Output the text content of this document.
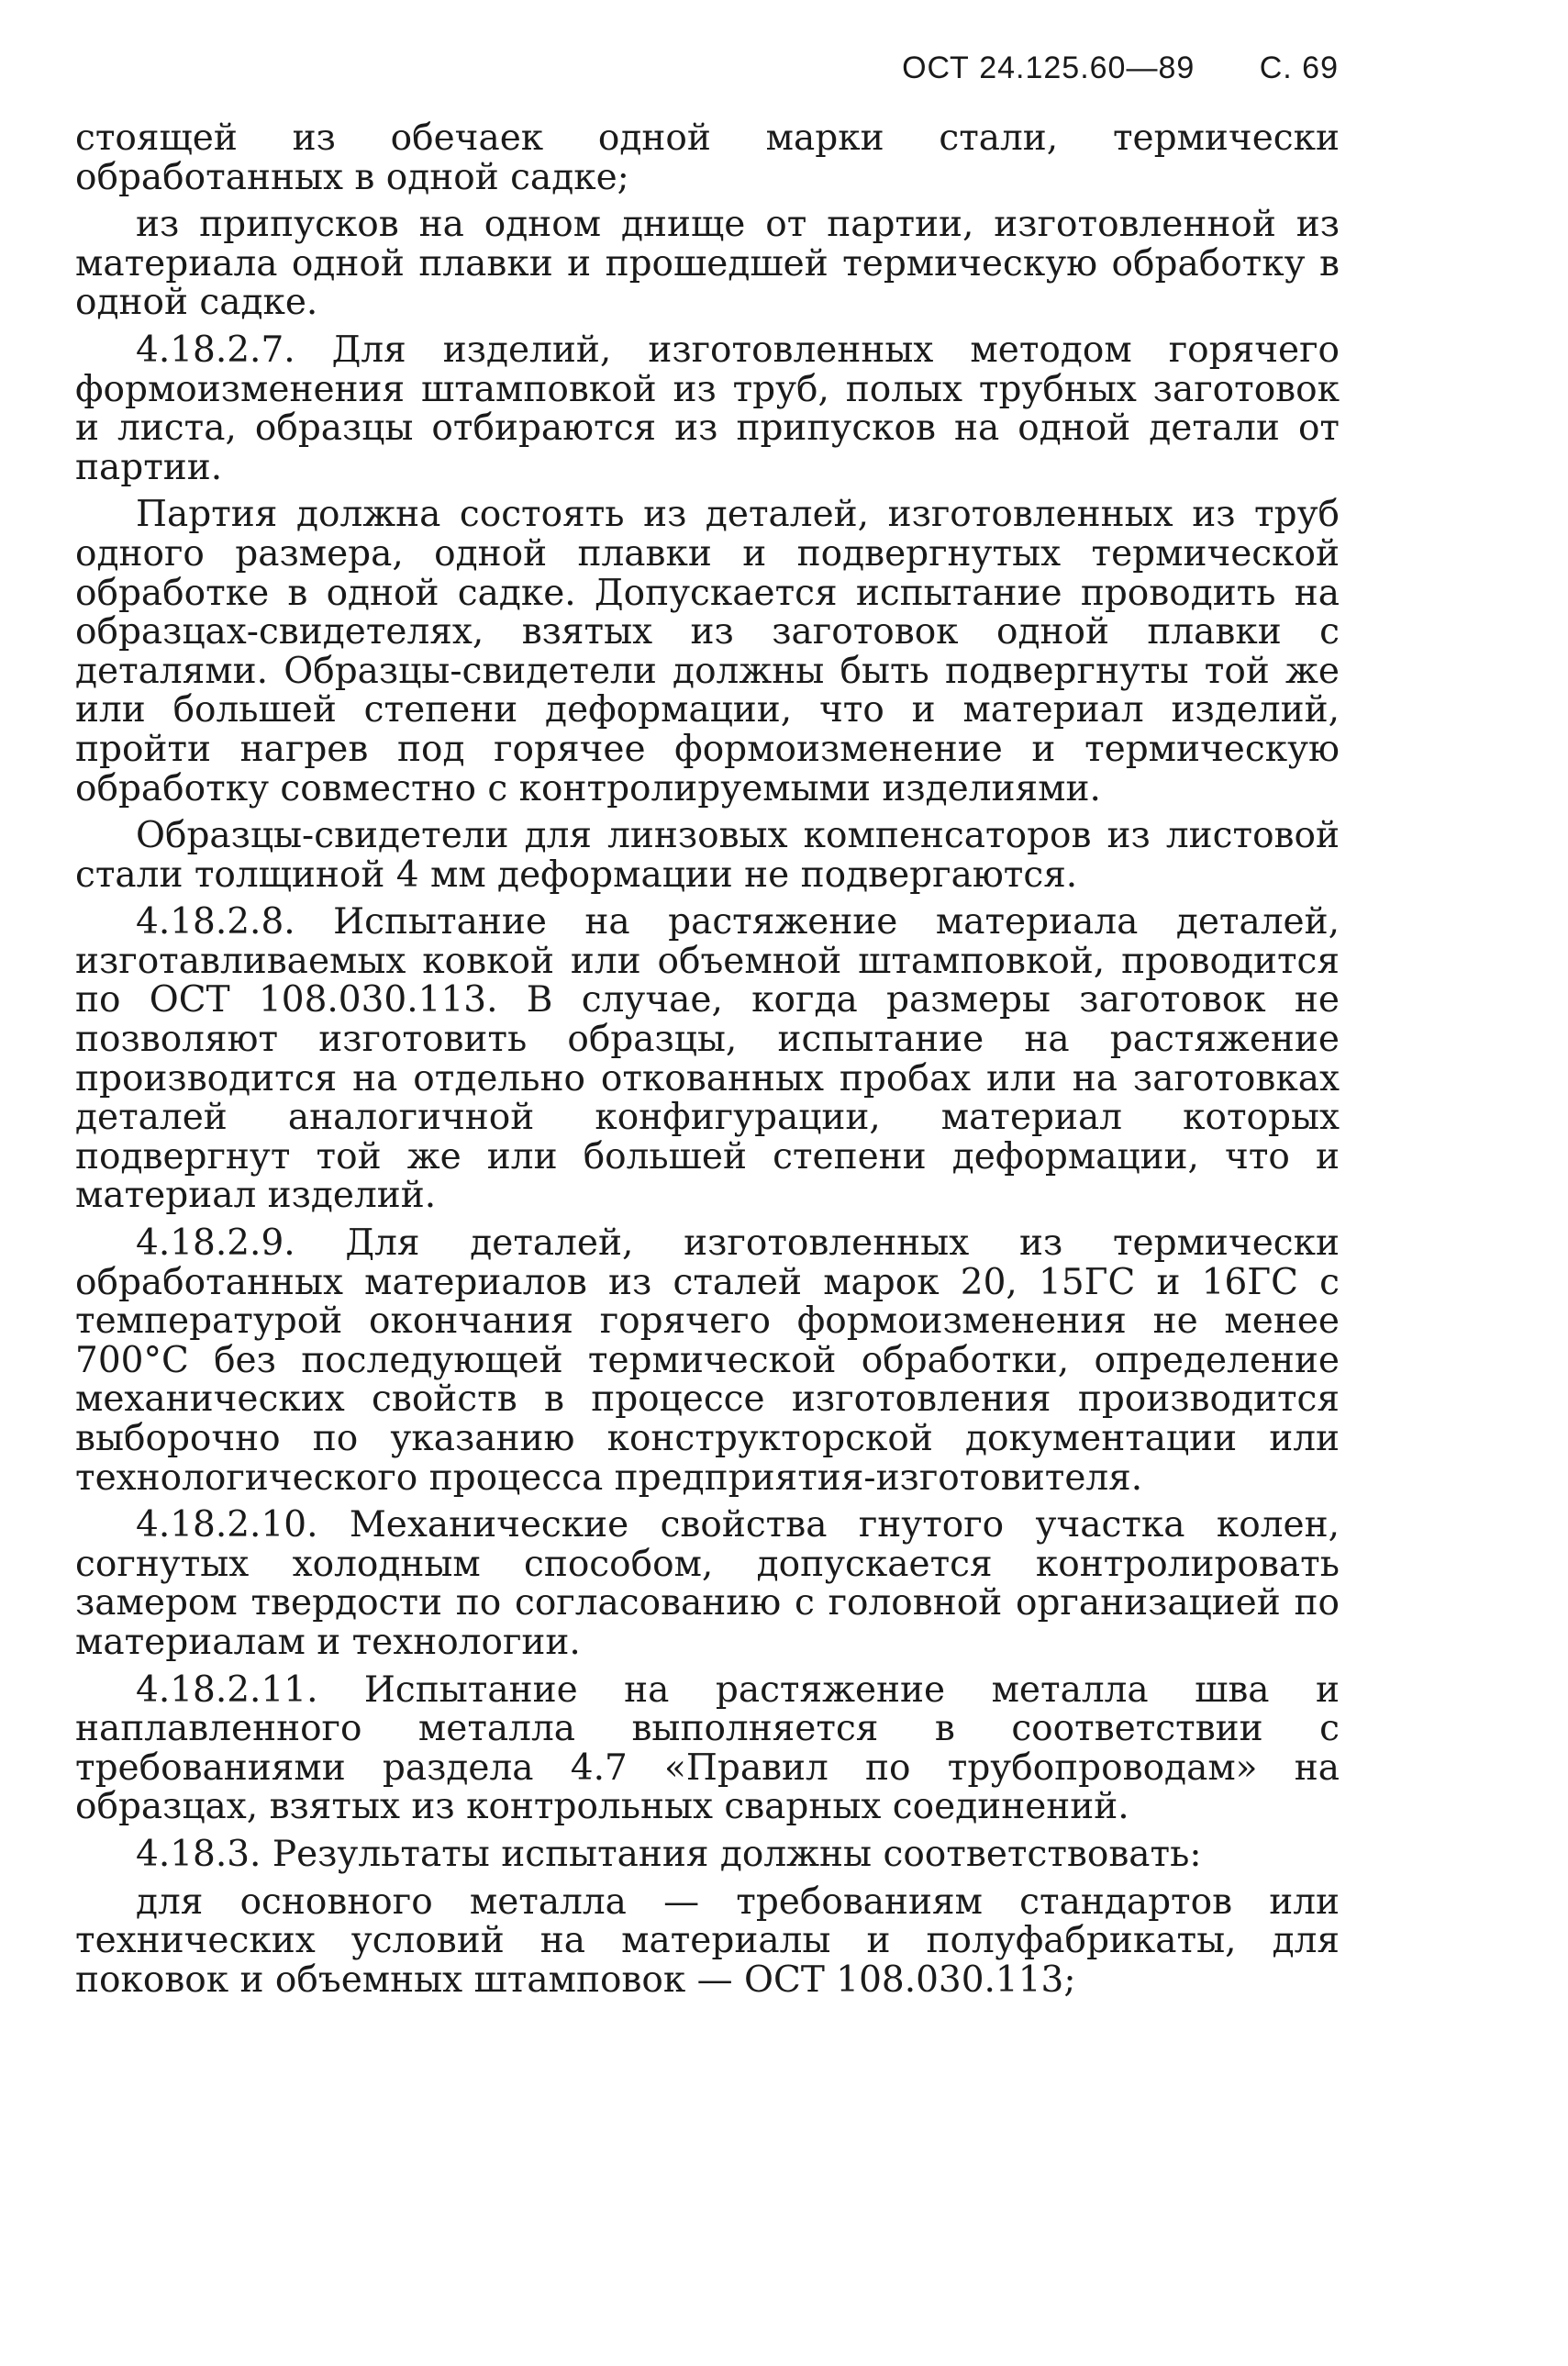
ОСТ 24.125.60—89 С. 69

стоящей из обечаек одной марки стали, термически обработанных в одной садке;

из припусков на одном днище от партии, изготовленной из материала одной плавки и прошедшей термическую обработку в одной садке.

4.18.2.7. Для изделий, изготовленных методом горячего формоизменения штамповкой из труб, полых трубных заготовок и листа, образцы отбираются из припусков на одной детали от партии.

Партия должна состоять из деталей, изготовленных из труб одного размера, одной плавки и подвергнутых термической обработке в одной садке. Допускается испытание проводить на образцах-свидетелях, взятых из заготовок одной плавки с деталями. Образцы-свидетели должны быть подвергнуты той же или большей степени деформации, что и материал изделий, пройти нагрев под горячее формоизменение и термическую обработку совместно с контролируемыми изделиями.

Образцы-свидетели для линзовых компенсаторов из листовой стали толщиной 4 мм деформации не подвергаются.

4.18.2.8. Испытание на растяжение материала деталей, изготавливаемых ковкой или объемной штамповкой, проводится по ОСТ 108.030.113. В случае, когда размеры заготовок не позволяют изготовить образцы, испытание на растяжение производится на отдельно откованных пробах или на заготовках деталей аналогичной конфигурации, материал которых подвергнут той же или большей степени деформации, что и материал изделий.

4.18.2.9. Для деталей, изготовленных из термически обработанных материалов из сталей марок 20, 15ГС и 16ГС с температурой окончания горячего формоизменения не менее 700°С без последующей термической обработки, определение механических свойств в процессе изготовления производится выборочно по указанию конструкторской документации или технологического процесса предприятия-изготовителя.

4.18.2.10. Механические свойства гнутого участка колен, согнутых холодным способом, допускается контролировать замером твердости по согласованию с головной организацией по материалам и технологии.

4.18.2.11. Испытание на растяжение металла шва и наплавленного металла выполняется в соответствии с требованиями раздела 4.7 «Правил по трубопроводам» на образцах, взятых из контрольных сварных соединений.

4.18.3. Результаты испытания должны соответствовать:

для основного металла — требованиям стандартов или технических условий на материалы и полуфабрикаты, для поковок и объемных штамповок — ОСТ 108.030.113;
